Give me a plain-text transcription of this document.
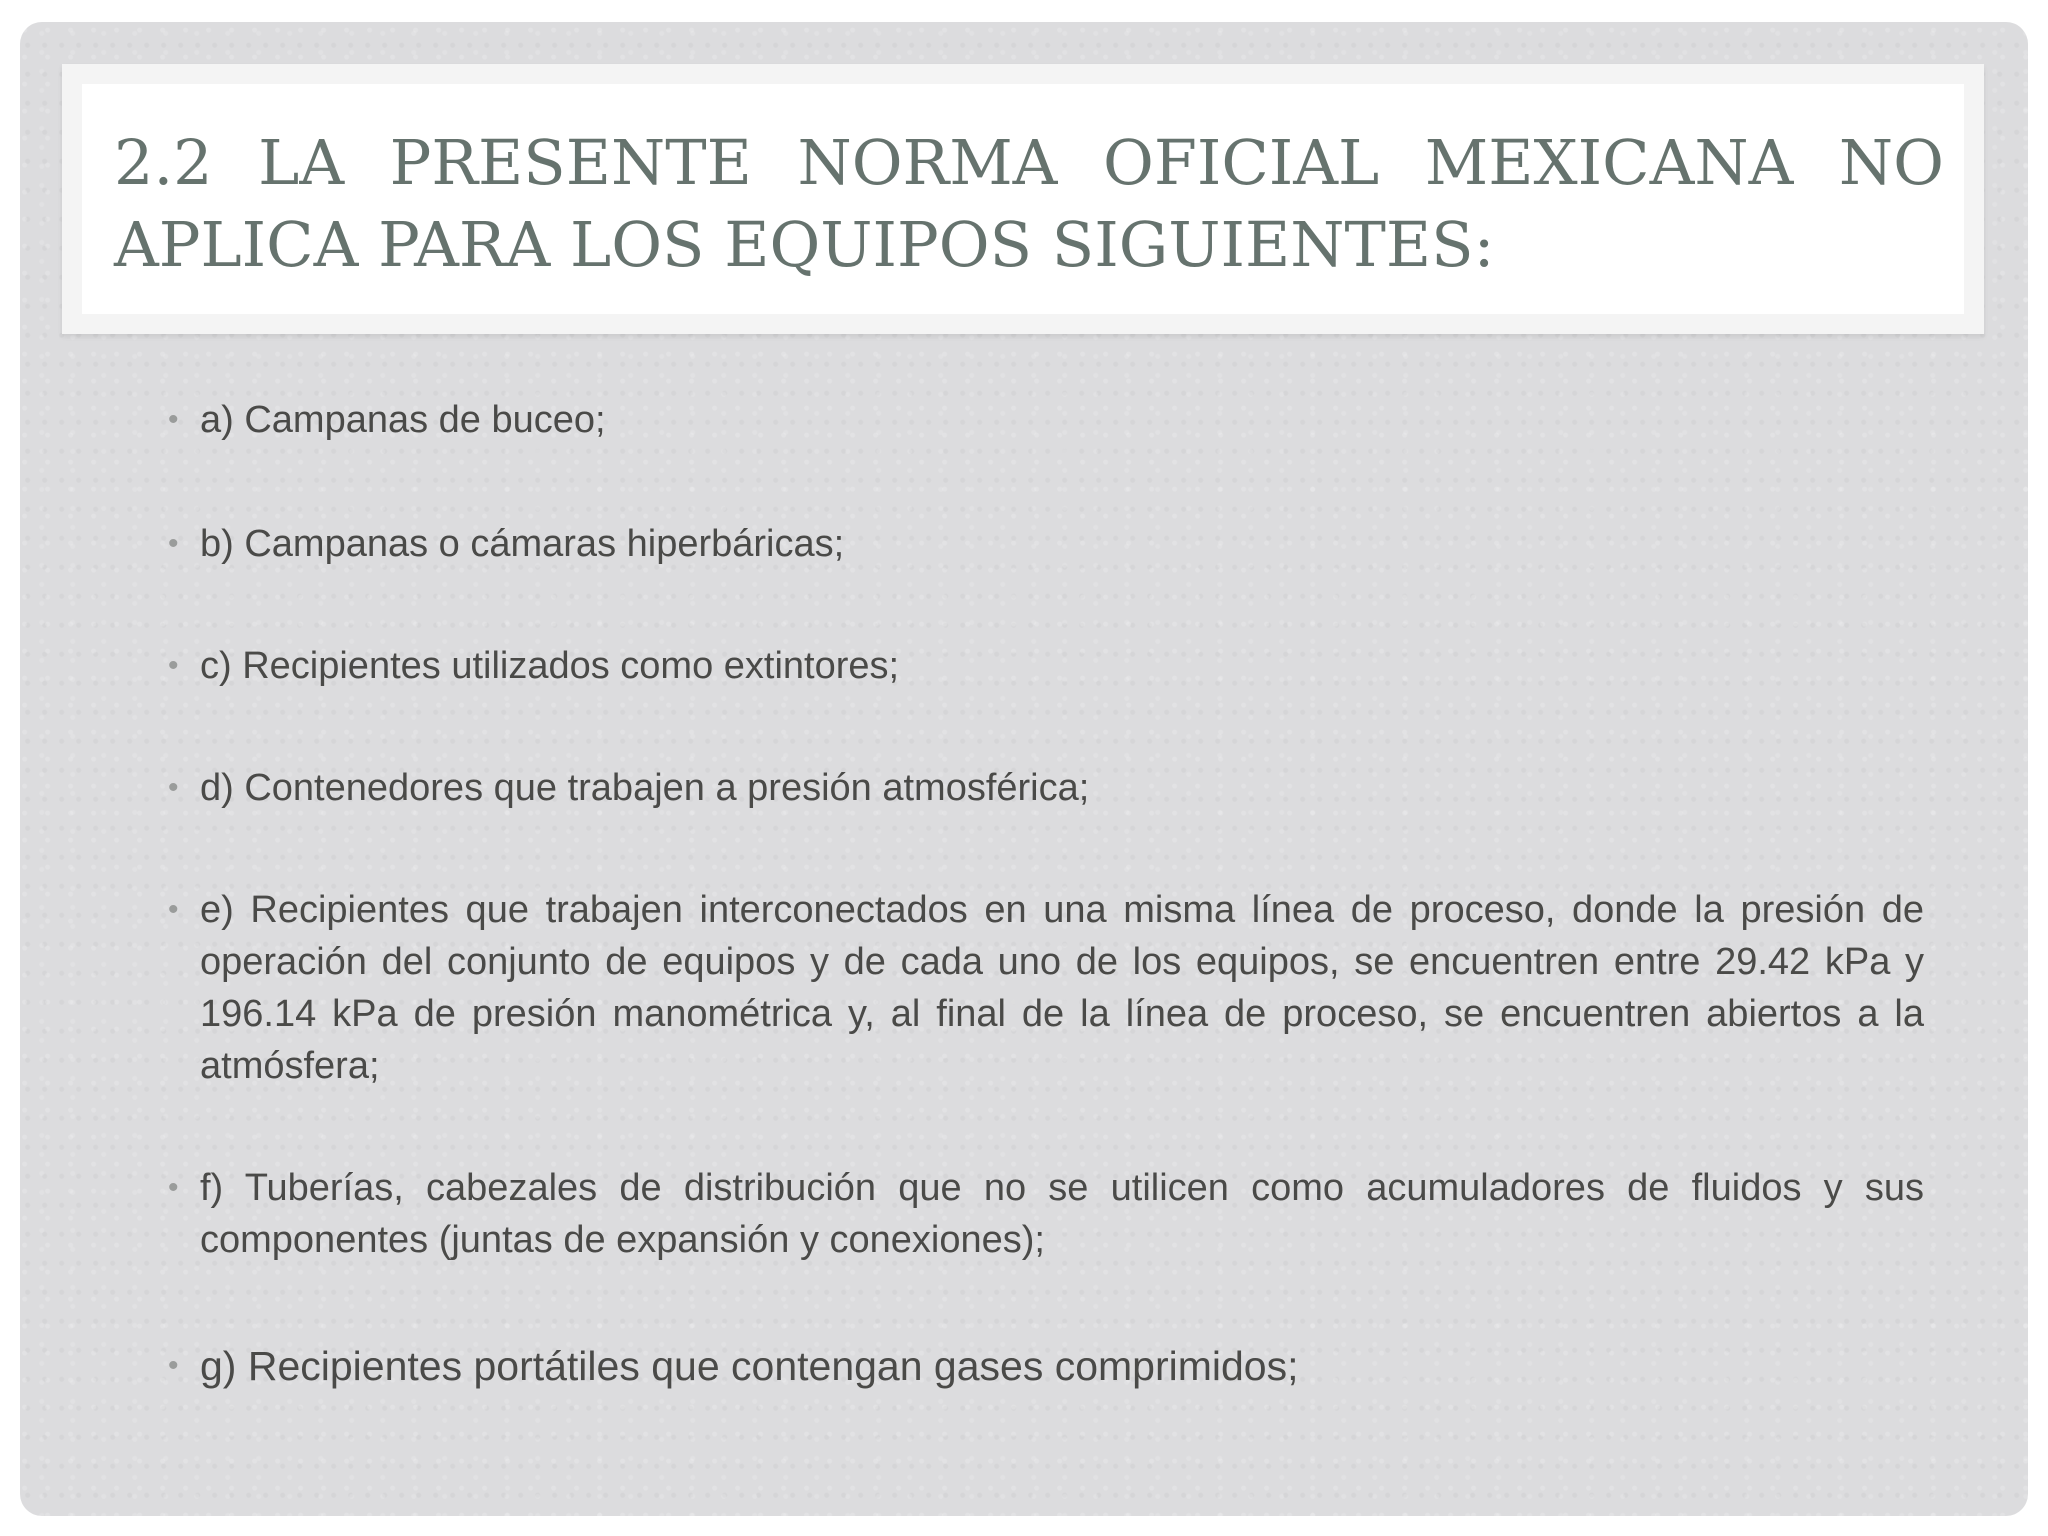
2.2 LA PRESENTE NORMA OFICIAL MEXICANA NO
APLICA PARA LOS EQUIPOS SIGUIENTES:
• a) Campanas de buceo;
• b) Campanas o cámaras hiperbáricas;
• c) Recipientes utilizados como extintores;
• d) Contenedores que trabajen a presión atmosférica;
• e) Recipientes que trabajen interconectados en una misma línea de proceso, donde la presión de operación del conjunto de equipos y de cada uno de los equipos, se encuentren entre 29.42 kPa y 196.14 kPa de presión manométrica y, al final de la línea de proceso, se encuentren abiertos a la atmósfera;
• f) Tuberías, cabezales de distribución que no se utilicen como acumuladores de fluidos y sus componentes (juntas de expansión y conexiones);
• g) Recipientes portátiles que contengan gases comprimidos;
